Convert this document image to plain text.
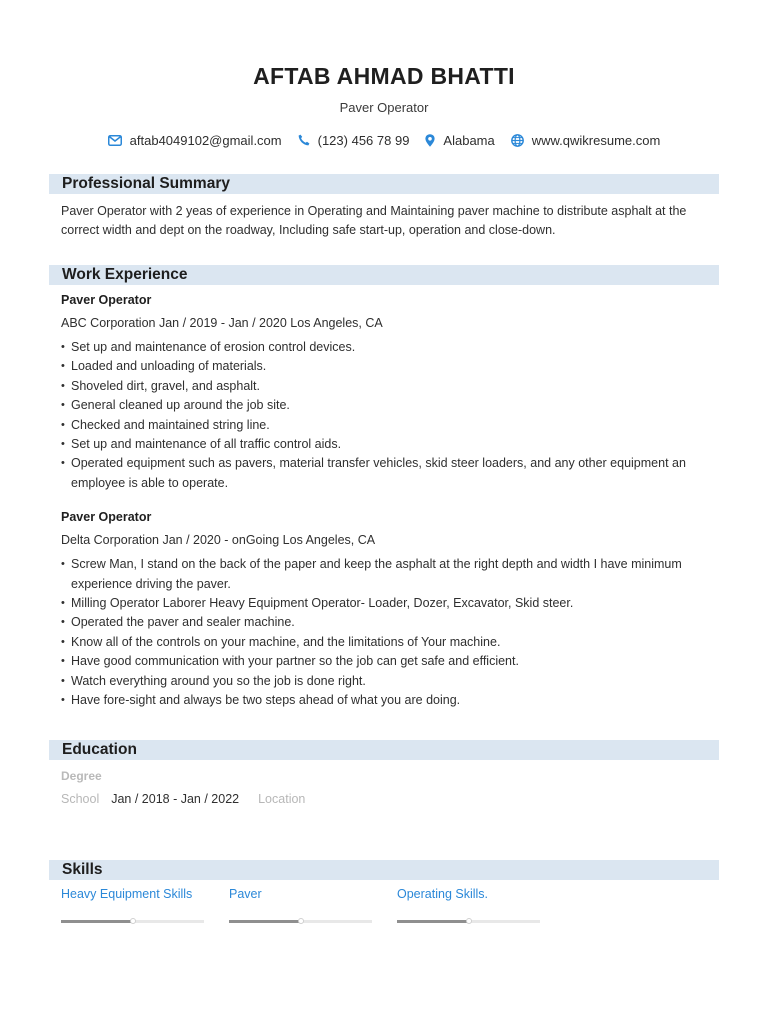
AFTAB AHMAD BHATTI
Paver Operator
aftab4049102@gmail.com	(123) 456 78 99	Alabama	www.qwikresume.com
Professional Summary
Paver Operator with 2 yeas of experience in Operating and Maintaining paver machine to distribute asphalt at the correct width and dept on the roadway, Including safe start-up, operation and close-down.
Work Experience
Paver Operator
ABC Corporation Jan / 2019 - Jan / 2020 Los Angeles, CA
• Set up and maintenance of erosion control devices.
• Loaded and unloading of materials.
• Shoveled dirt, gravel, and asphalt.
• General cleaned up around the job site.
• Checked and maintained string line.
• Set up and maintenance of all traffic control aids.
• Operated equipment such as pavers, material transfer vehicles, skid steer loaders, and any other equipment an employee is able to operate.
Paver Operator
Delta Corporation Jan / 2020 - onGoing Los Angeles, CA
• Screw Man, I stand on the back of the paper and keep the asphalt at the right depth and width I have minimum experience driving the paver.
• Milling Operator Laborer Heavy Equipment Operator- Loader, Dozer, Excavator, Skid steer.
• Operated the paver and sealer machine.
• Know all of the controls on your machine, and the limitations of Your machine.
• Have good communication with your partner so the job can get safe and efficient.
• Watch everything around you so the job is done right.
• Have fore-sight and always be two steps ahead of what you are doing.
Education
Degree
School Jan / 2018 - Jan / 2022 Location
Skills
Heavy Equipment Skills	Paver	Operating Skills.
